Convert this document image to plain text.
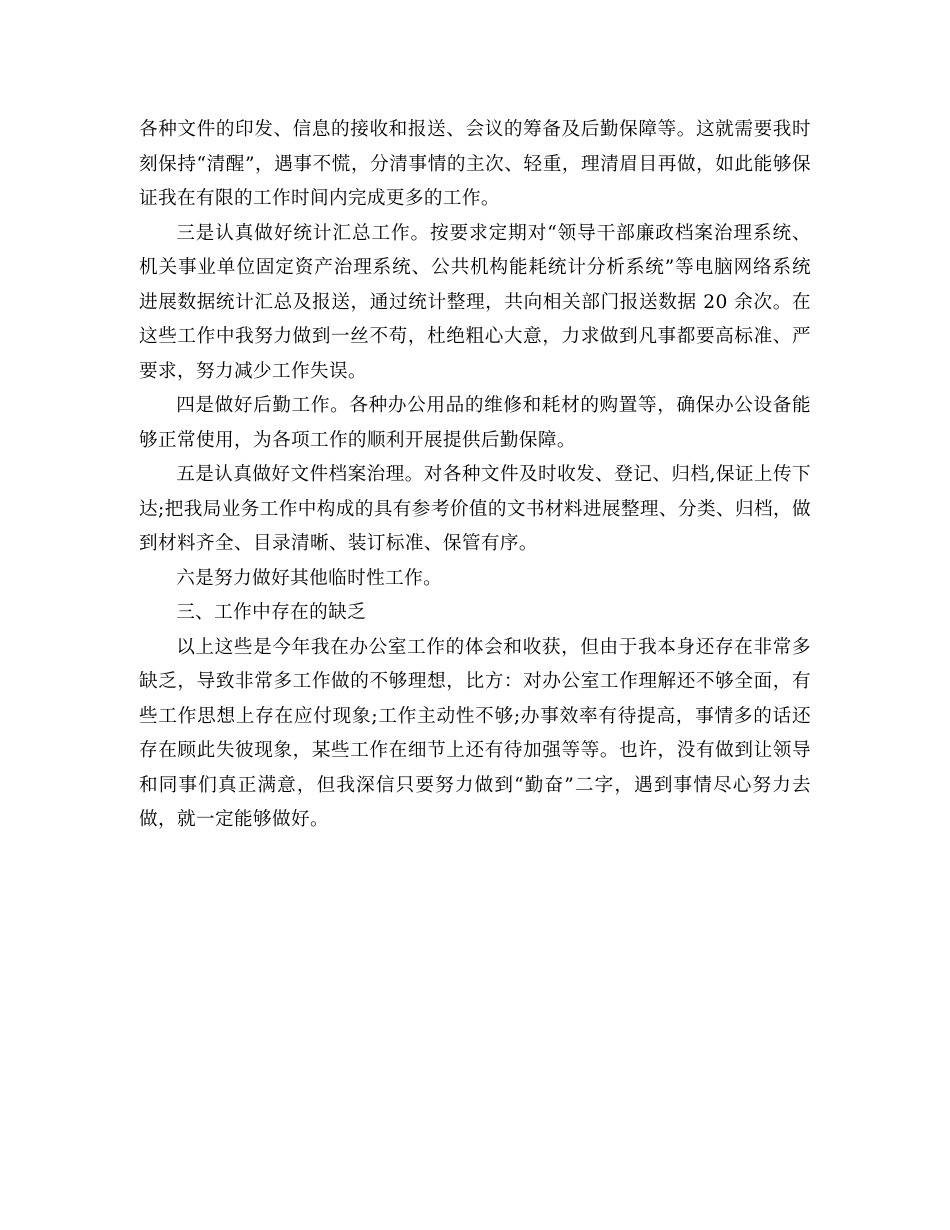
各种文件的印发、信息的接收和报送、会议的筹备及后勤保障等。这就需要我时刻保持“清醒”，遇事不慌，分清事情的主次、轻重，理清眉目再做，如此能够保证我在有限的工作时间内完成更多的工作。

三是认真做好统计汇总工作。按要求定期对“领导干部廉政档案治理系统、机关事业单位固定资产治理系统、公共机构能耗统计分析系统”等电脑网络系统进展数据统计汇总及报送，通过统计整理，共向相关部门报送数据 20 余次。在这些工作中我努力做到一丝不苟，杜绝粗心大意，力求做到凡事都要高标准、严要求，努力减少工作失误。

四是做好后勤工作。各种办公用品的维修和耗材的购置等，确保办公设备能够正常使用，为各项工作的顺利开展提供后勤保障。

五是认真做好文件档案治理。对各种文件及时收发、登记、归档,保证上传下达;把我局业务工作中构成的具有参考价值的文书材料进展整理、分类、归档，做到材料齐全、目录清晰、装订标准、保管有序。

六是努力做好其他临时性工作。

三、工作中存在的缺乏

以上这些是今年我在办公室工作的体会和收获，但由于我本身还存在非常多缺乏，导致非常多工作做的不够理想，比方：对办公室工作理解还不够全面，有些工作思想上存在应付现象;工作主动性不够;办事效率有待提高，事情多的话还存在顾此失彼现象，某些工作在细节上还有待加强等等。也许，没有做到让领导和同事们真正满意，但我深信只要努力做到“勤奋”二字，遇到事情尽心努力去做，就一定能够做好。
